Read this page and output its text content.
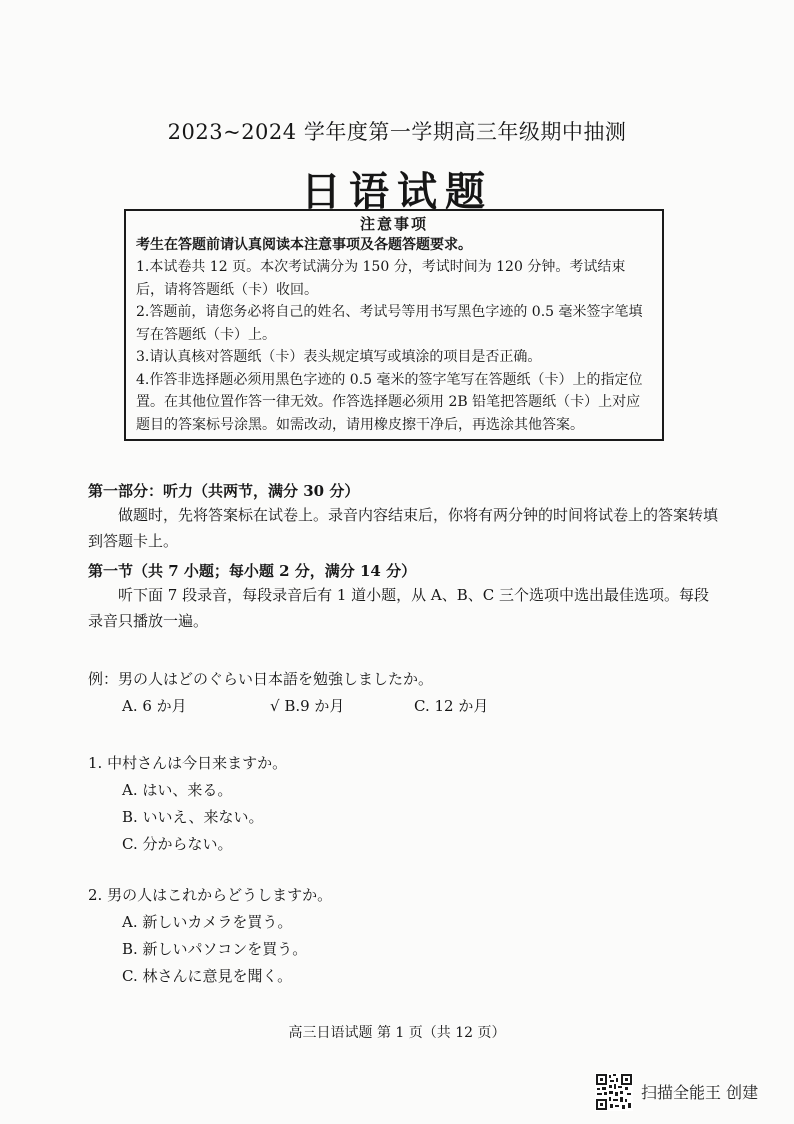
2023~2024 学年度第一学期高三年级期中抽测
日语试题
注意事项
考生在答题前请认真阅读本注意事项及各题答题要求。
1.本试卷共 12 页。本次考试满分为 150 分，考试时间为 120 分钟。考试结束后，请将答题纸（卡）收回。
2.答题前，请您务必将自己的姓名、考试号等用书写黑色字迹的 0.5 毫米签字笔填写在答题纸（卡）上。
3.请认真核对答题纸（卡）表头规定填写或填涂的项目是否正确。
4.作答非选择题必须用黑色字迹的 0.5 毫米的签字笔写在答题纸（卡）上的指定位置。在其他位置作答一律无效。作答选择题必须用 2B 铅笔把答题纸（卡）上对应题目的答案标号涂黑。如需改动，请用橡皮擦干净后，再选涂其他答案。
第一部分：听力（共两节，满分 30 分）
做题时，先将答案标在试卷上。录音内容结束后，你将有两分钟的时间将试卷上的答案转填到答题卡上。
第一节（共 7 小题；每小题 2 分，满分 14 分）
听下面 7 段录音，每段录音后有 1 道小题，从 A、B、C 三个选项中选出最佳选项。每段录音只播放一遍。
例：男の人はどのぐらい日本語を勉強しましたか。
A. 6 か月	√ B.9 か月	C. 12 か月
1. 中村さんは今日来ますか。
A. はい、来る。
B. いいえ、来ない。
C. 分からない。
2. 男の人はこれからどうしますか。
A. 新しいカメラを買う。
B. 新しいパソコンを買う。
C. 林さんに意見を聞く。
高三日语试题 第 1 页（共 12 页）
扫描全能王 创建
